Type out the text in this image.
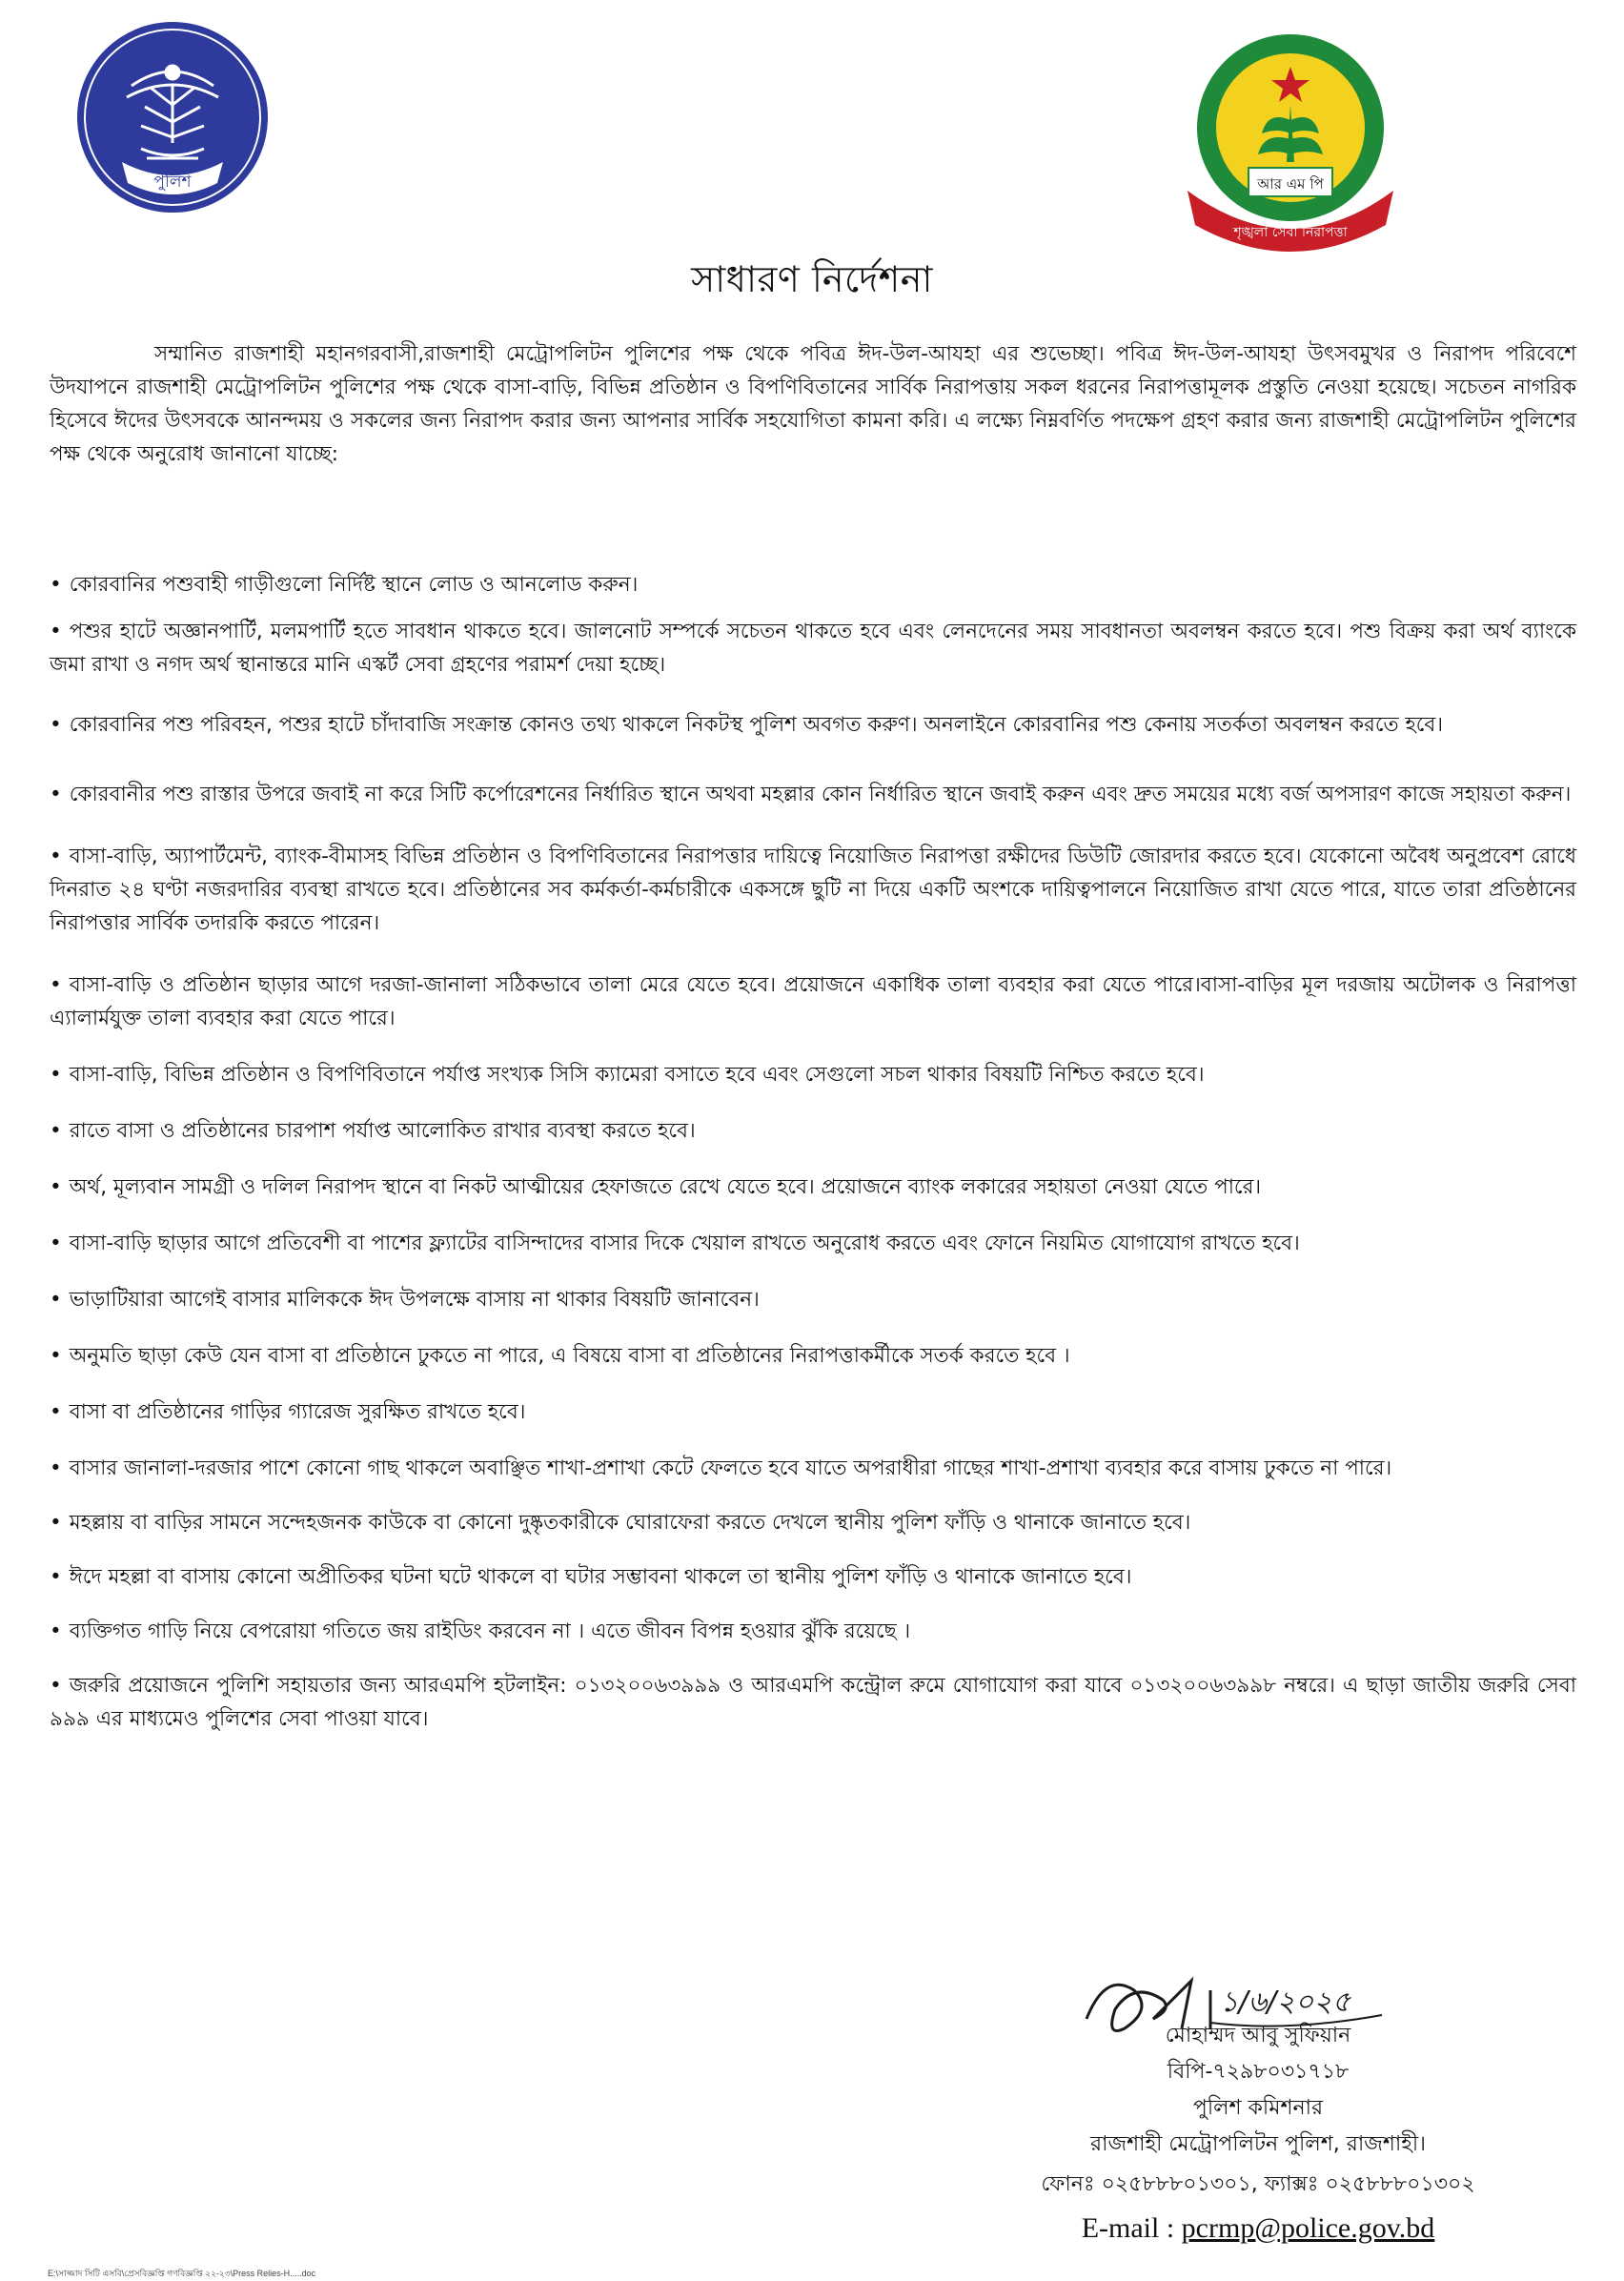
পুলিশ	আর এম পি
শৃঙ্খলা সেবা নিরাপত্তা
সাধারণ নির্দেশনা

সম্মানিত রাজশাহী মহানগরবাসী,রাজশাহী মেট্রোপলিটন পুলিশের পক্ষ থেকে পবিত্র ঈদ-উল-আযহা এর শুভেচ্ছা। পবিত্র ঈদ-উল-আযহা উৎসবমুখর ও নিরাপদ পরিবেশে উদযাপনে রাজশাহী মেট্রোপলিটন পুলিশের পক্ষ থেকে বাসা-বাড়ি, বিভিন্ন প্রতিষ্ঠান ও বিপণিবিতানের সার্বিক নিরাপত্তায় সকল ধরনের নিরাপত্তামূলক প্রস্তুতি নেওয়া হয়েছে। সচেতন নাগরিক হিসেবে ঈদের উৎসবকে আনন্দময় ও সকলের জন্য নিরাপদ করার জন্য আপনার সার্বিক সহযোগিতা কামনা করি। এ লক্ষ্যে নিম্নবর্ণিত পদক্ষেপ গ্রহণ করার জন্য রাজশাহী মেট্রোপলিটন পুলিশের পক্ষ থেকে অনুরোধ জানানো যাচ্ছে:

• কোরবানির পশুবাহী গাড়ীগুলো নির্দিষ্ট স্থানে লোড ও আনলোড করুন।
• পশুর হাটে অজ্ঞানপার্টি, মলমপার্টি হতে সাবধান থাকতে হবে। জালনোট সম্পর্কে সচেতন থাকতে হবে এবং লেনদেনের সময় সাবধানতা অবলম্বন করতে হবে। পশু বিক্রয় করা অর্থ ব্যাংকে জমা রাখা ও নগদ অর্থ স্থানান্তরে মানি এস্কর্ট সেবা গ্রহণের পরামর্শ দেয়া হচ্ছে।
• কোরবানির পশু পরিবহন, পশুর হাটে চাঁদাবাজি সংক্রান্ত কোনও তথ্য থাকলে নিকটস্থ পুলিশ অবগত করুণ। অনলাইনে কোরবানির পশু কেনায় সতর্কতা অবলম্বন করতে হবে।
• কোরবানীর পশু রাস্তার উপরে জবাই না করে সিটি কর্পোরেশনের নির্ধারিত স্থানে অথবা মহল্লার কোন নির্ধারিত স্থানে জবাই করুন এবং দ্রুত সময়ের মধ্যে বর্জ অপসারণ কাজে সহায়তা করুন।
• বাসা-বাড়ি, অ্যাপার্টমেন্ট, ব্যাংক-বীমাসহ বিভিন্ন প্রতিষ্ঠান ও বিপণিবিতানের নিরাপত্তার দায়িত্বে নিয়োজিত নিরাপত্তা রক্ষীদের ডিউটি জোরদার করতে হবে। যেকোনো অবৈধ অনুপ্রবেশ রোধে দিনরাত ২৪ ঘণ্টা নজরদারির ব্যবস্থা রাখতে হবে। প্রতিষ্ঠানের সব কর্মকর্তা-কর্মচারীকে একসঙ্গে ছুটি না দিয়ে একটি অংশকে দায়িত্বপালনে নিয়োজিত রাখা যেতে পারে, যাতে তারা প্রতিষ্ঠানের নিরাপত্তার সার্বিক তদারকি করতে পারেন।
• বাসা-বাড়ি ও প্রতিষ্ঠান ছাড়ার আগে দরজা-জানালা সঠিকভাবে তালা মেরে যেতে হবে। প্রয়োজনে একাধিক তালা ব্যবহার করা যেতে পারে।বাসা-বাড়ির মূল দরজায় অটোলক ও নিরাপত্তা এ্যালার্মযুক্ত তালা ব্যবহার করা যেতে পারে।
• বাসা-বাড়ি, বিভিন্ন প্রতিষ্ঠান ও বিপণিবিতানে পর্যাপ্ত সংখ্যক সিসি ক্যামেরা বসাতে হবে এবং সেগুলো সচল থাকার বিষয়টি নিশ্চিত করতে হবে।
• রাতে বাসা ও প্রতিষ্ঠানের চারপাশ পর্যাপ্ত আলোকিত রাখার ব্যবস্থা করতে হবে।
• অর্থ, মূল্যবান সামগ্রী ও দলিল নিরাপদ স্থানে বা নিকট আত্মীয়ের হেফাজতে রেখে যেতে হবে। প্রয়োজনে ব্যাংক লকারের সহায়তা নেওয়া যেতে পারে।
• বাসা-বাড়ি ছাড়ার আগে প্রতিবেশী বা পাশের ফ্ল্যাটের বাসিন্দাদের বাসার দিকে খেয়াল রাখতে অনুরোধ করতে এবং ফোনে নিয়মিত যোগাযোগ রাখতে হবে।
• ভাড়াটিয়ারা আগেই বাসার মালিককে ঈদ উপলক্ষে বাসায় না থাকার বিষয়টি জানাবেন।
• অনুমতি ছাড়া কেউ যেন বাসা বা প্রতিষ্ঠানে ঢুকতে না পারে, এ বিষয়ে বাসা বা প্রতিষ্ঠানের নিরাপত্তাকর্মীকে সতর্ক করতে হবে ।
• বাসা বা প্রতিষ্ঠানের গাড়ির গ্যারেজ সুরক্ষিত রাখতে হবে।
• বাসার জানালা-দরজার পাশে কোনো গাছ থাকলে অবাঞ্ছিত শাখা-প্রশাখা কেটে ফেলতে হবে যাতে অপরাধীরা গাছের শাখা-প্রশাখা ব্যবহার করে বাসায় ঢুকতে না পারে।
• মহল্লায় বা বাড়ির সামনে সন্দেহজনক কাউকে বা কোনো দুষ্কৃতকারীকে ঘোরাফেরা করতে দেখলে স্থানীয় পুলিশ ফাঁড়ি ও থানাকে জানাতে হবে।
• ঈদে মহল্লা বা বাসায় কোনো অপ্রীতিকর ঘটনা ঘটে থাকলে বা ঘটার সম্ভাবনা থাকলে তা স্থানীয় পুলিশ ফাঁড়ি ও থানাকে জানাতে হবে।
• ব্যক্তিগত গাড়ি নিয়ে বেপরোয়া গতিতে জয় রাইডিং করবেন না । এতে জীবন বিপন্ন হওয়ার ঝুঁকি রয়েছে ।
• জরুরি প্রয়োজনে পুলিশি সহায়তার জন্য আরএমপি হটলাইন: ০১৩২০০৬৩৯৯৯ ও আরএমপি কন্ট্রোল রুমে যোগাযোগ করা যাবে ০১৩২০০৬৩৯৯৮ নম্বরে। এ ছাড়া জাতীয় জরুরি সেবা ৯৯৯ এর মাধ্যমেও পুলিশের সেবা পাওয়া যাবে।
১/৬/২০২৫
মোহাম্মদ আবু সুফিয়ান
বিপি-৭২৯৮০৩১৭১৮
পুলিশ কমিশনার
রাজশাহী মেট্রোপলিটন পুলিশ, রাজশাহী।
ফোনঃ ০২৫৮৮৮০১৩০১, ফ্যাক্সঃ ০২৫৮৮৮০১৩০২
E-mail : pcrmp@police.gov.bd
E:\সাজ্জাদ সিটি এসবি\প্রেসবিজ্ঞপ্তি গণবিজ্ঞপ্তি ২২-২৩\Press Relies-H.....doc
